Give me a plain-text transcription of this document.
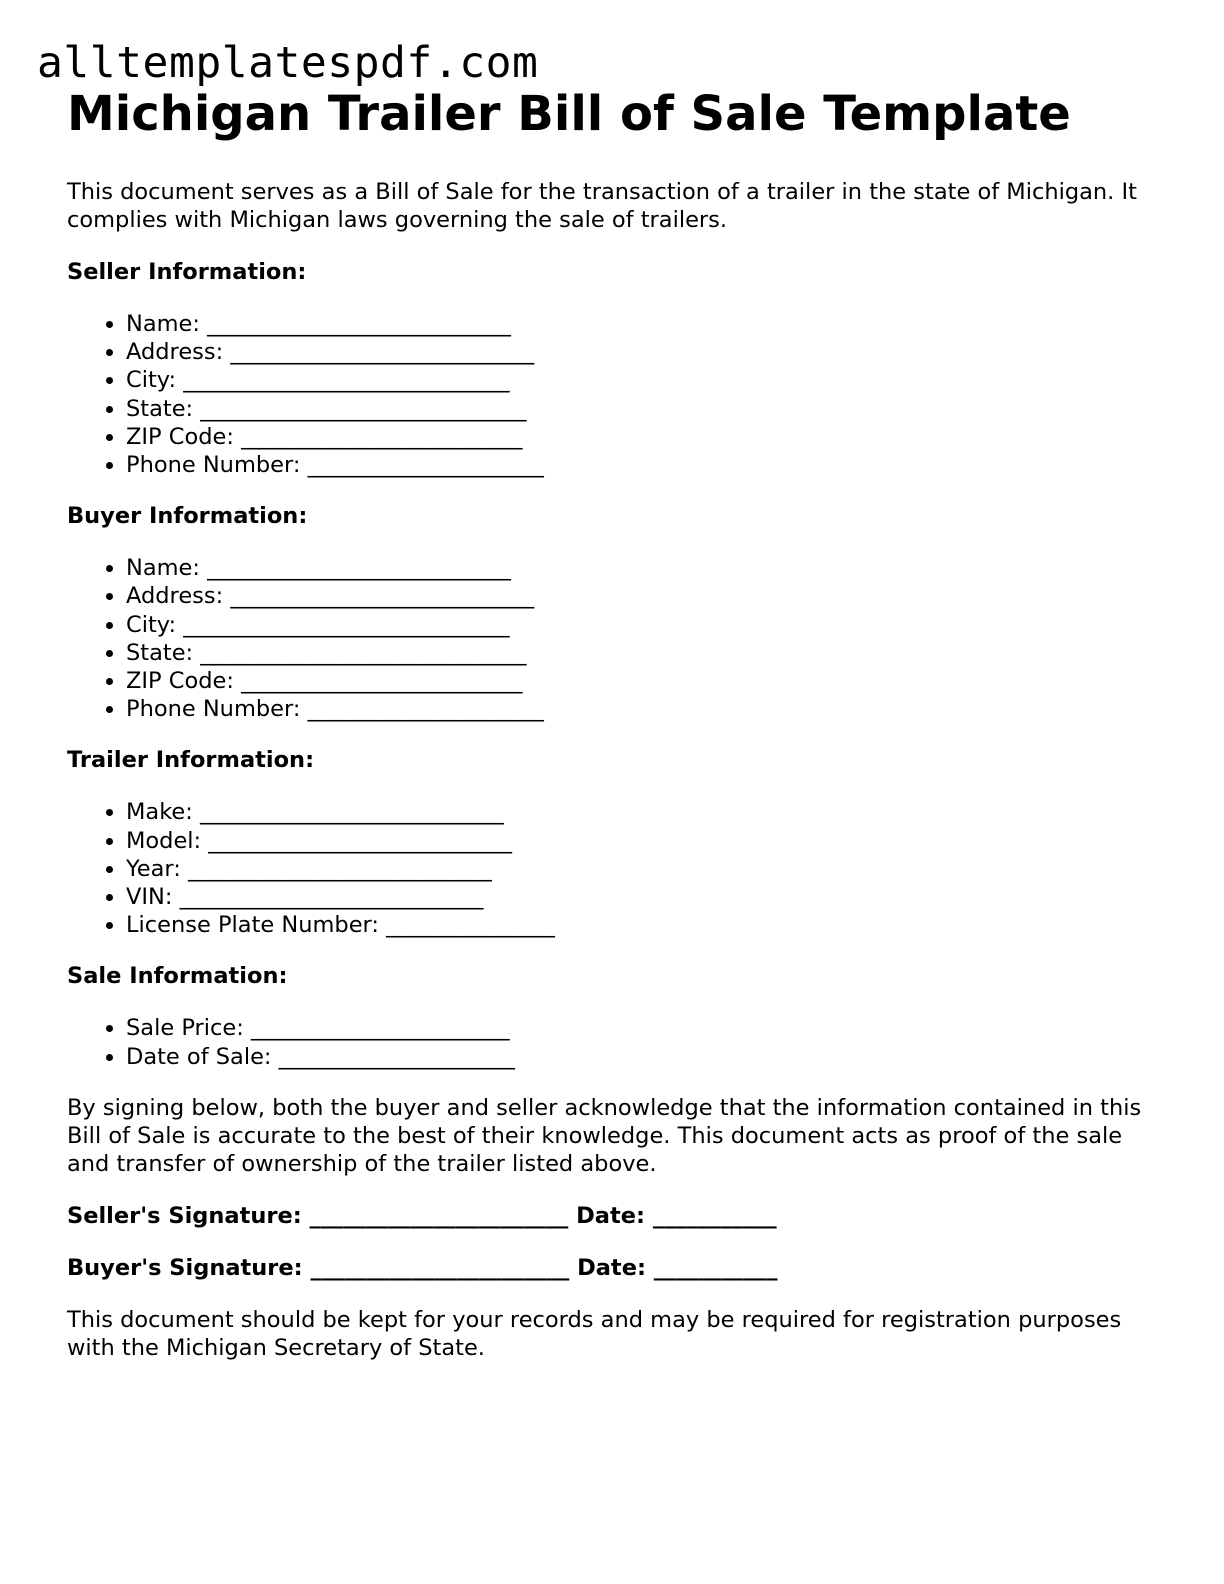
alltemplatespdf.com
Michigan Trailer Bill of Sale Template

This document serves as a Bill of Sale for the transaction of a trailer in the state of Michigan. It complies with Michigan laws governing the sale of trailers.

Seller Information:
• Name: ___________________________
• Address: ___________________________
• City: _____________________________
• State: _____________________________
• ZIP Code: _________________________
• Phone Number: _____________________
Buyer Information:
• Name: ___________________________
• Address: ___________________________
• City: _____________________________
• State: _____________________________
• ZIP Code: _________________________
• Phone Number: _____________________
Trailer Information:
• Make: ___________________________
• Model: ___________________________
• Year: ___________________________
• VIN: ___________________________
• License Plate Number: _______________
Sale Information:
• Sale Price: _______________________
• Date of Sale: _____________________

By signing below, both the buyer and seller acknowledge that the information contained in this Bill of Sale is accurate to the best of their knowledge. This document acts as proof of the sale and transfer of ownership of the trailer listed above.

Seller's Signature: _______________________ Date: ___________
Buyer's Signature: _______________________ Date: ___________

This document should be kept for your records and may be required for registration purposes with the Michigan Secretary of State.
